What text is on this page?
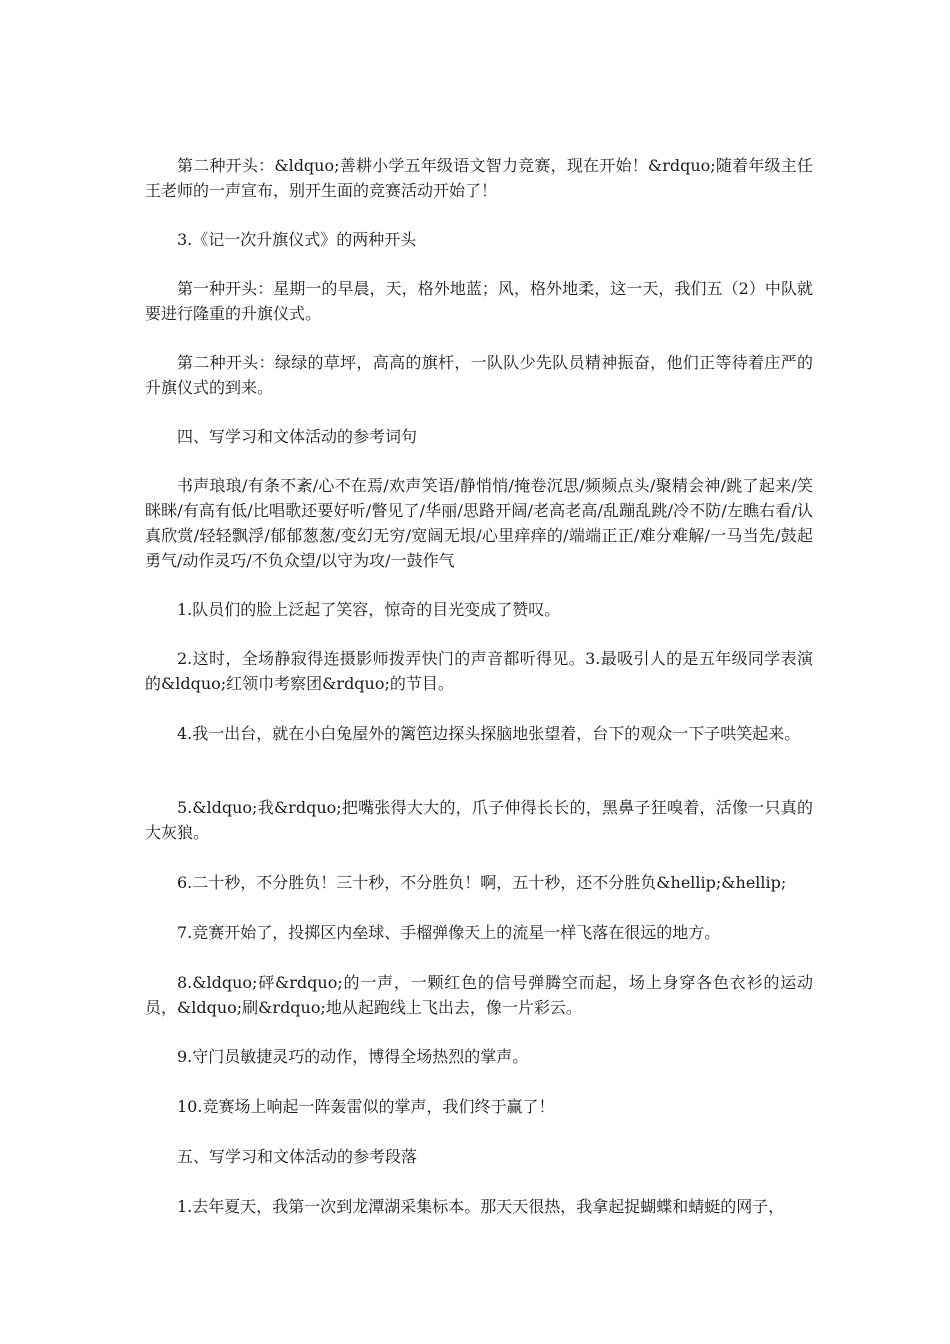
第二种开头：&ldquo;善耕小学五年级语文智力竞赛，现在开始！&rdquo;随着年级主任王老师的一声宣布，别开生面的竞赛活动开始了！

3.《记一次升旗仪式》的两种开头

第一种开头：星期一的早晨，天，格外地蓝；风，格外地柔，这一天，我们五（2）中队就要进行隆重的升旗仪式。

第二种开头：绿绿的草坪，高高的旗杆，一队队少先队员精神振奋，他们正等待着庄严的升旗仪式的到来。

四、写学习和文体活动的参考词句

书声琅琅/有条不紊/心不在焉/欢声笑语/静悄悄/掩卷沉思/频频点头/聚精会神/跳了起来/笑眯眯/有高有低/比唱歌还要好听/瞥见了/华丽/思路开阔/老高老高/乱蹦乱跳/冷不防/左瞧右看/认真欣赏/轻轻飘浮/郁郁葱葱/变幻无穷/宽阔无垠/心里痒痒的/端端正正/难分难解/一马当先/鼓起勇气/动作灵巧/不负众望/以守为攻/一鼓作气

1.队员们的脸上泛起了笑容，惊奇的目光变成了赞叹。

2.这时，全场静寂得连摄影师拨弄快门的声音都听得见。3.最吸引人的是五年级同学表演的&ldquo;红领巾考察团&rdquo;的节目。

4.我一出台，就在小白兔屋外的篱笆边探头探脑地张望着，台下的观众一下子哄笑起来。

5.&ldquo;我&rdquo;把嘴张得大大的，爪子伸得长长的，黑鼻子狂嗅着，活像一只真的大灰狼。

6.二十秒，不分胜负！三十秒，不分胜负！啊，五十秒，还不分胜负&hellip;&hellip;

7.竞赛开始了，投掷区内垒球、手榴弹像天上的流星一样飞落在很远的地方。

8.&ldquo;砰&rdquo;的一声，一颗红色的信号弹腾空而起，场上身穿各色衣衫的运动员，&ldquo;刷&rdquo;地从起跑线上飞出去，像一片彩云。

9.守门员敏捷灵巧的动作，博得全场热烈的掌声。

10.竞赛场上响起一阵轰雷似的掌声，我们终于赢了！

五、写学习和文体活动的参考段落

1.去年夏天，我第一次到龙潭湖采集标本。那天天很热，我拿起捉蝴蝶和蜻蜓的网子，
